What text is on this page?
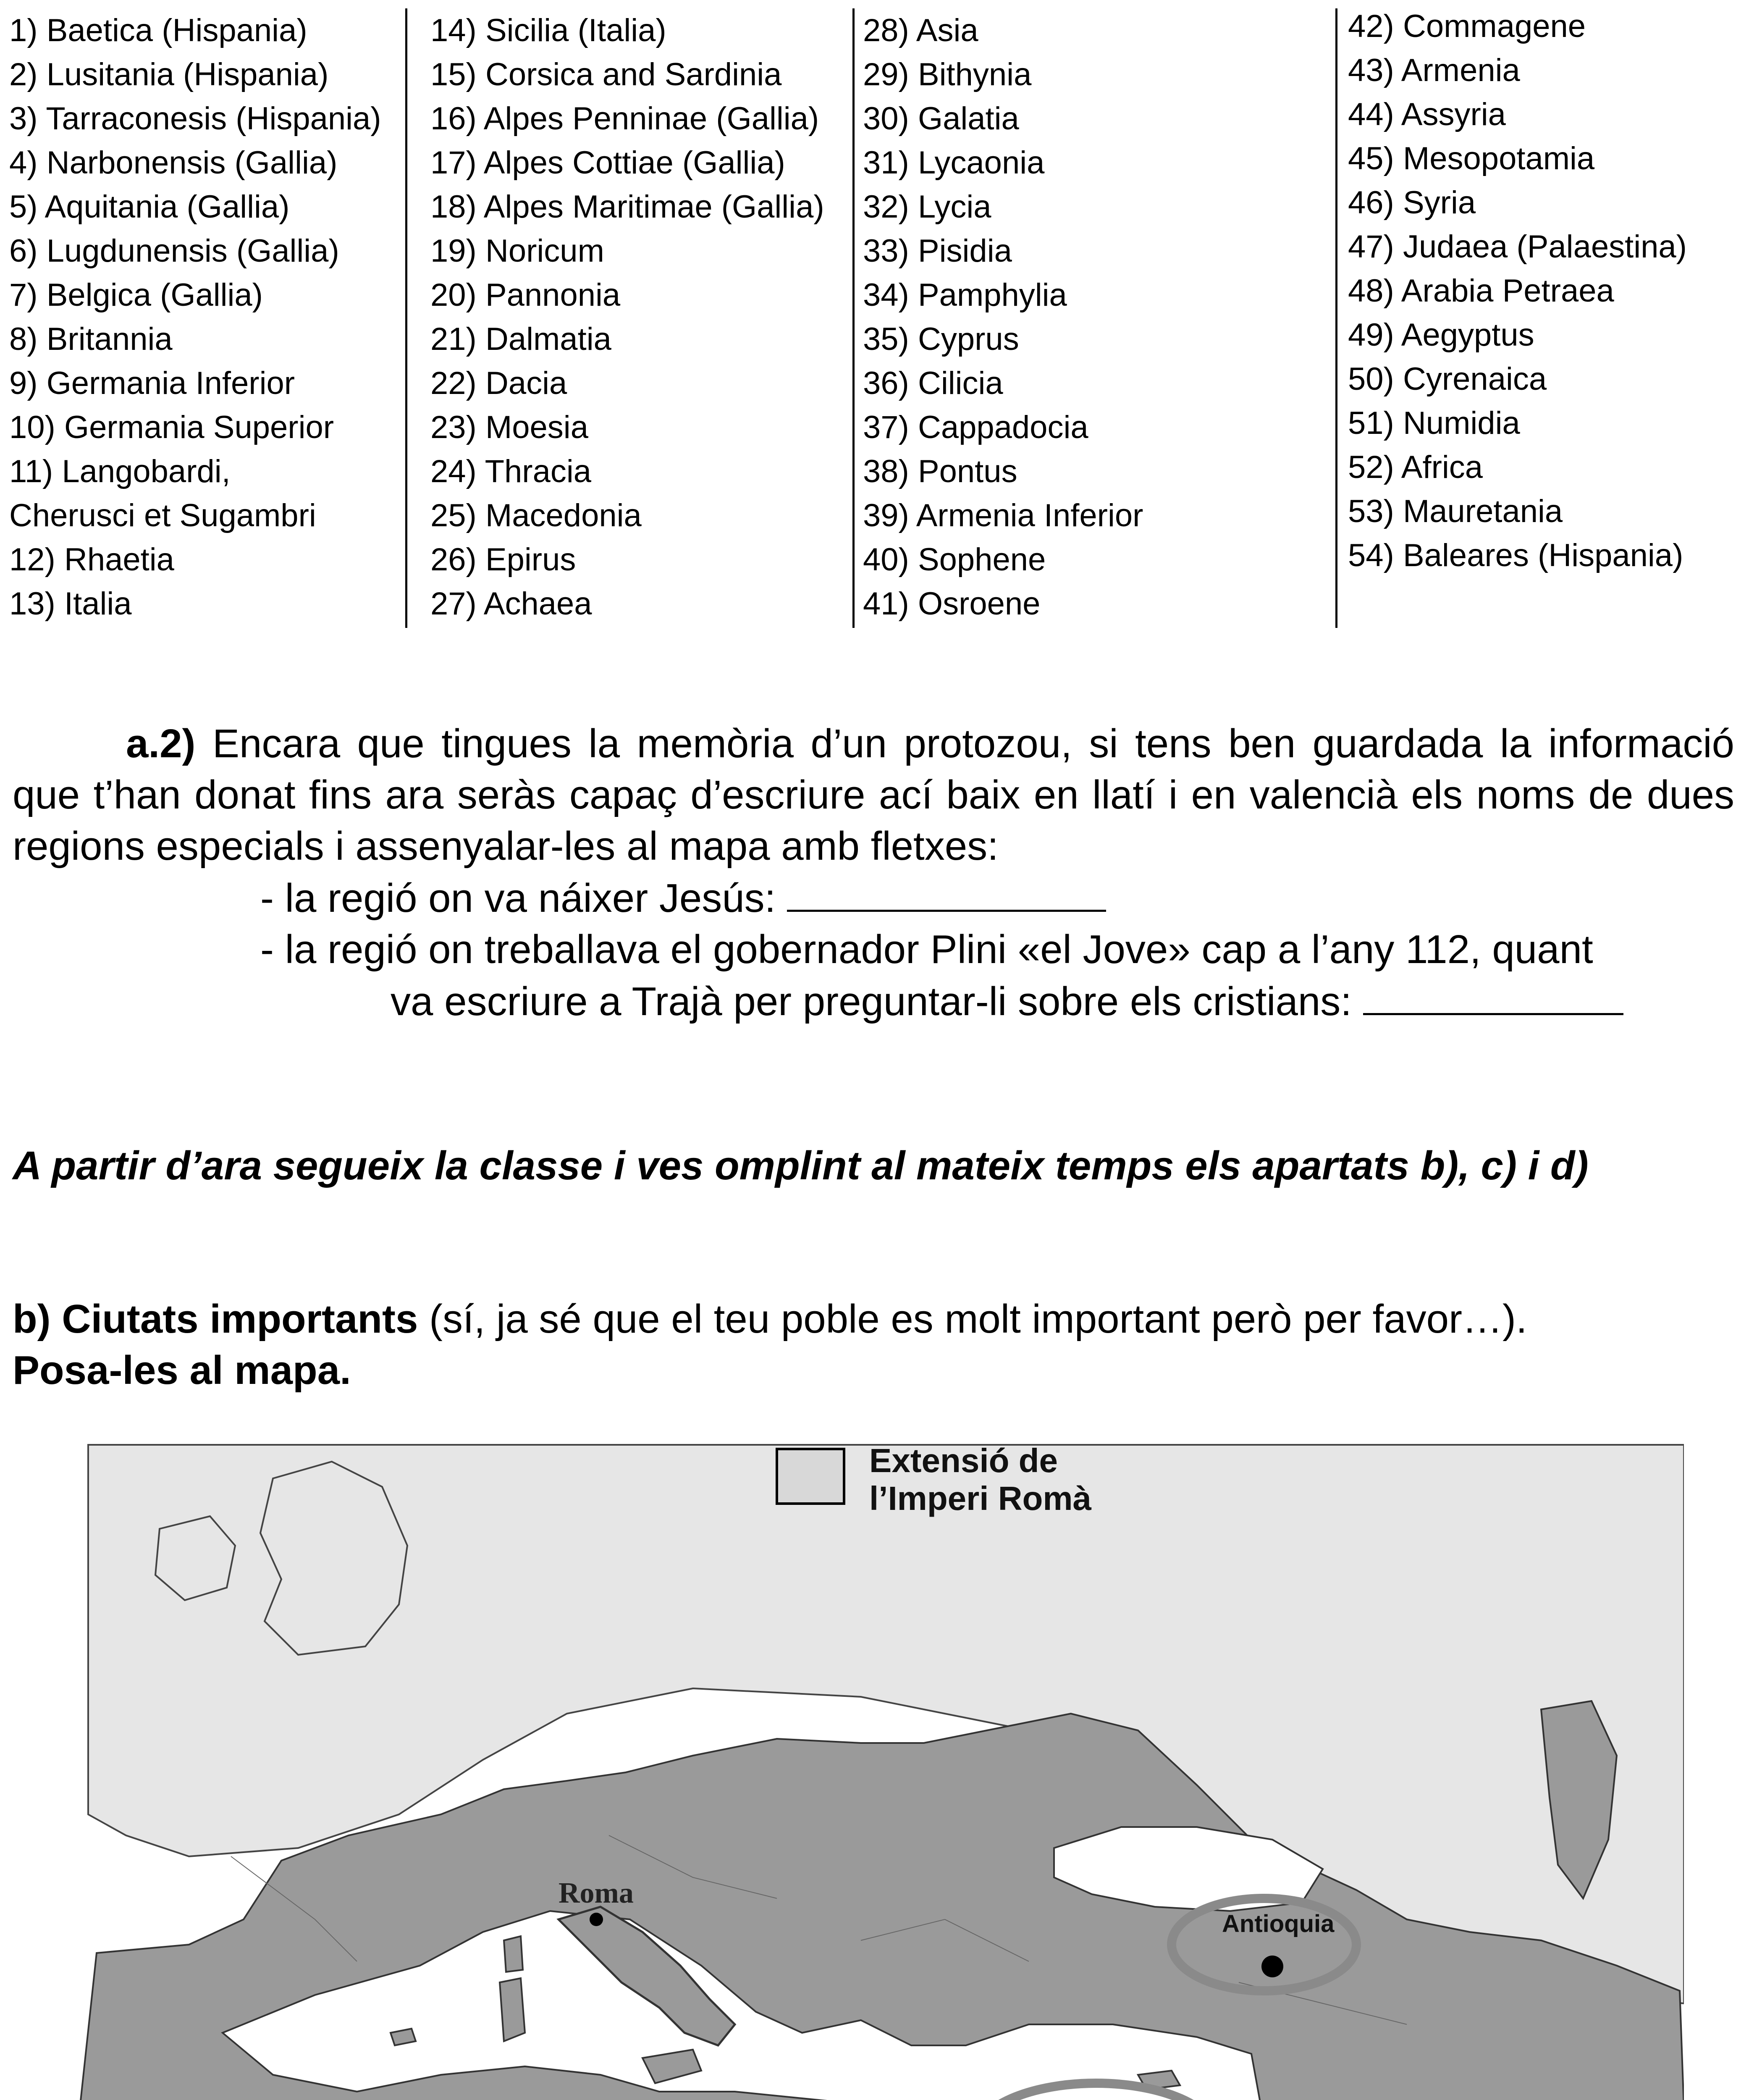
1) Baetica (Hispania)
2) Lusitania (Hispania)
3) Tarraconesis (Hispania)
4) Narbonensis (Gallia)
5) Aquitania (Gallia)
6) Lugdunensis (Gallia)
7) Belgica (Gallia)
8) Britannia
9) Germania Inferior
10) Germania Superior
11) Langobardi,
Cherusci et Sugambri
12) Rhaetia
13) Italia
14) Sicilia (Italia)
15) Corsica and Sardinia
16) Alpes Penninae (Gallia)
17) Alpes Cottiae (Gallia)
18) Alpes Maritimae (Gallia)
19) Noricum
20) Pannonia
21) Dalmatia
22) Dacia
23) Moesia
24) Thracia
25) Macedonia
26) Epirus
27) Achaea
28) Asia
29) Bithynia
30) Galatia
31) Lycaonia
32) Lycia
33) Pisidia
34) Pamphylia
35) Cyprus
36) Cilicia
37) Cappadocia
38) Pontus
39) Armenia Inferior
40) Sophene
41) Osroene
42) Commagene
43) Armenia
44) Assyria
45) Mesopotamia
46) Syria
47) Judaea (Palaestina)
48) Arabia Petraea
49) Aegyptus
50) Cyrenaica
51) Numidia
52) Africa
53) Mauretania
54) Baleares (Hispania)
a.2) Encara que tingues la memòria d’un protozou, si tens ben guardada la informació que t’han donat fins ara seràs capaç d’escriure ací baix en llatí i en valencià els noms de dues regions especials i assenyalar-les al mapa amb fletxes:
- la regió on va náixer Jesús:
- la regió on treballava el gobernador Plini «el Jove» cap a l’any 112, quant
va escriure a Trajà per preguntar-li sobre els cristians:
A partir d’ara segueix la classe i ves omplint al mateix temps els apartats b), c) i d)
b) Ciutats importants (sí, ja sé que el teu poble es molt important però per favor…).
Posa-les al mapa.
Extensió de
l’Imperi Romà
Roma
Antioquia
